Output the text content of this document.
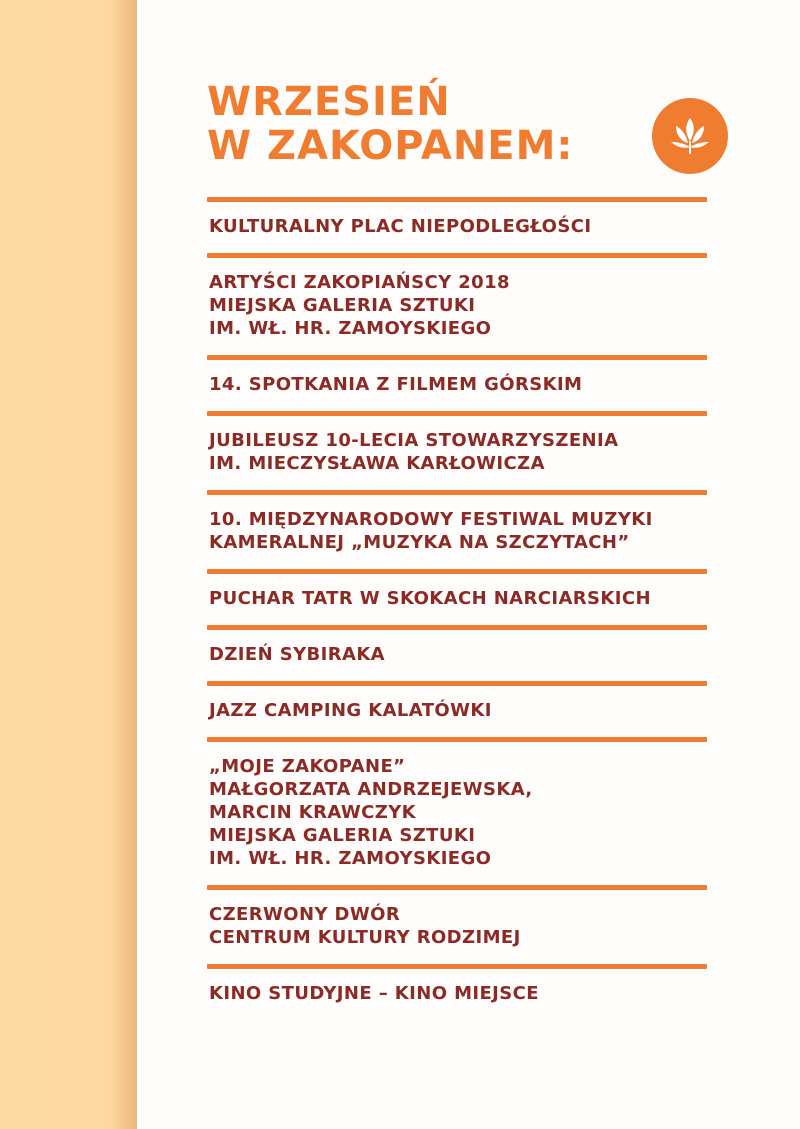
WRZESIEŃ
W ZAKOPANEM:
KULTURALNY PLAC NIEPODLEGŁOŚCI
ARTYŚCI ZAKOPIAŃSCY 2018
MIEJSKA GALERIA SZTUKI
IM. WŁ. HR. ZAMOYSKIEGO
14. SPOTKANIA Z FILMEM GÓRSKIM
JUBILEUSZ 10-LECIA STOWARZYSZENIA
IM. MIECZYSŁAWA KARŁOWICZA
10. MIĘDZYNARODOWY FESTIWAL MUZYKI
KAMERALNEJ „MUZYKA NA SZCZYTACH”
PUCHAR TATR W SKOKACH NARCIARSKICH
DZIEŃ SYBIRAKA
JAZZ CAMPING KALATÓWKI
„MOJE ZAKOPANE”
MAŁGORZATA ANDRZEJEWSKA,
MARCIN KRAWCZYK
MIEJSKA GALERIA SZTUKI
IM. WŁ. HR. ZAMOYSKIEGO
CZERWONY DWÓR
CENTRUM KULTURY RODZIMEJ
KINO STUDYJNE – KINO MIEJSCE
